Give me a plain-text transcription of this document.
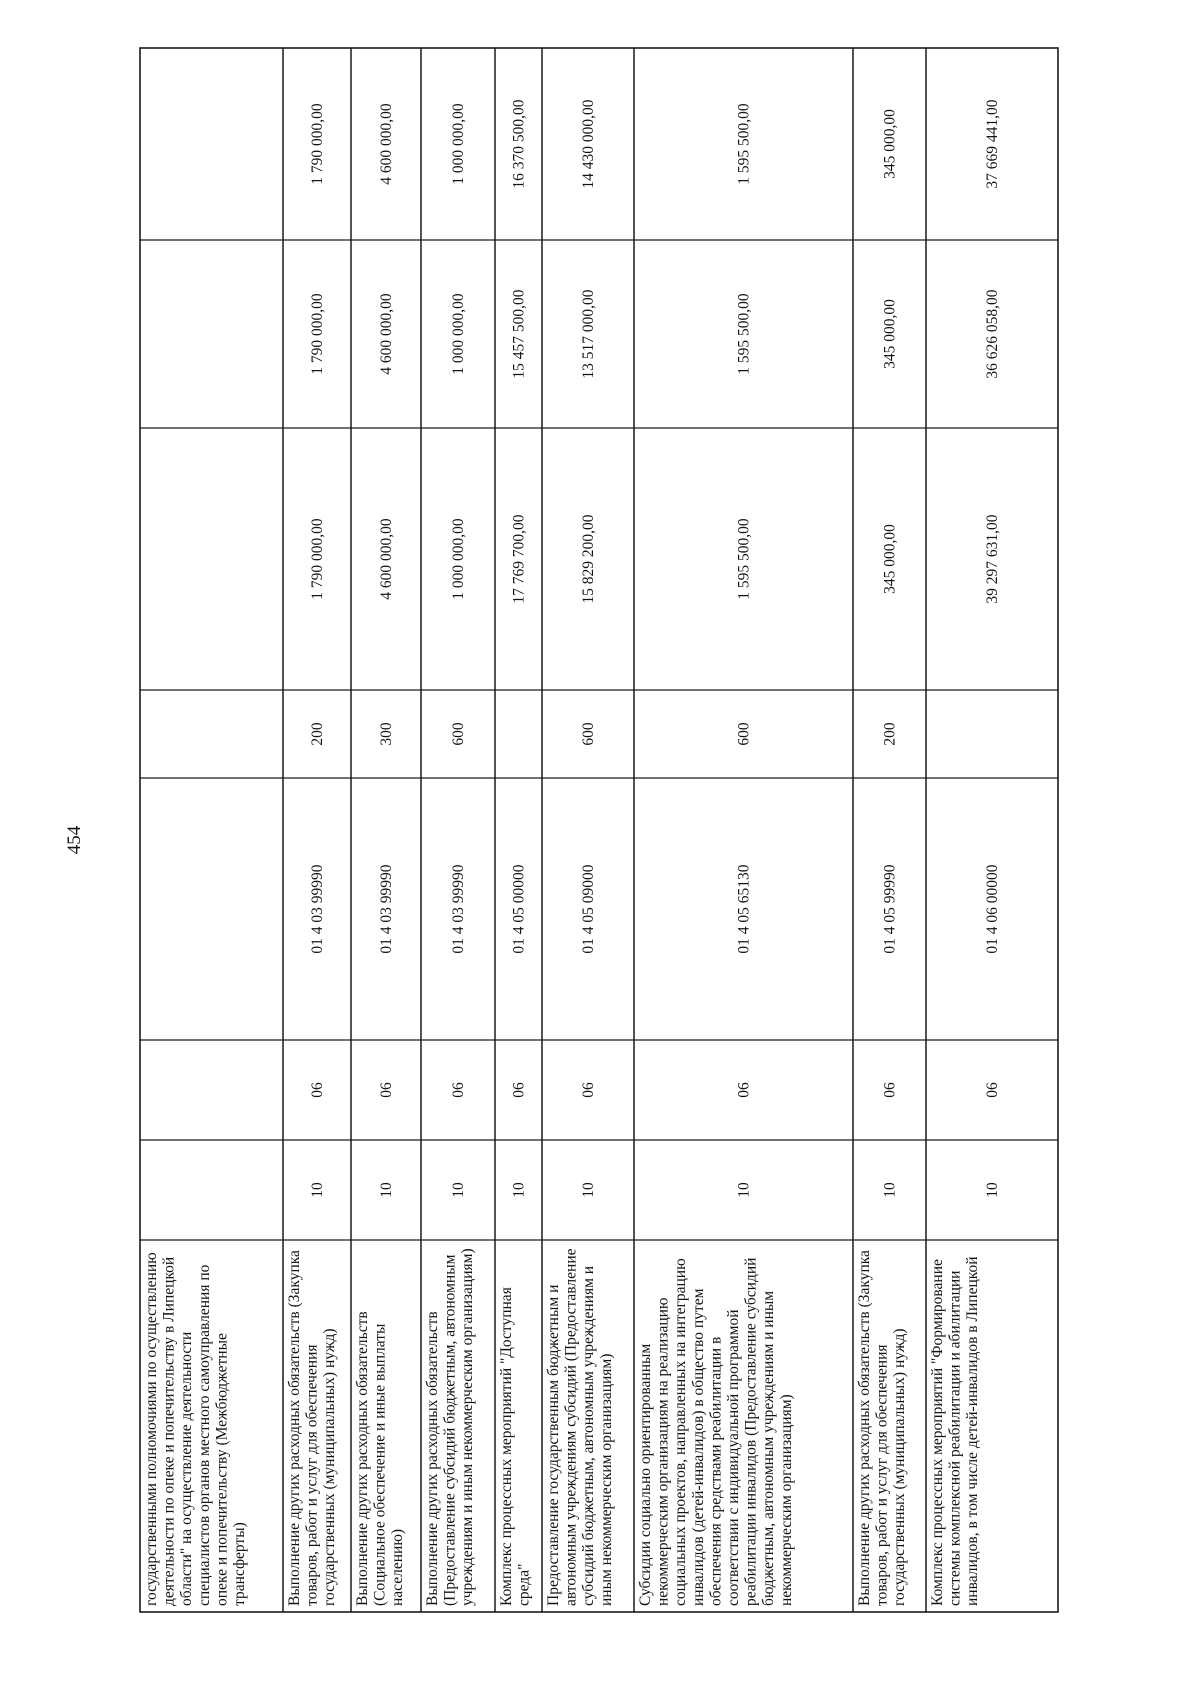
454
государственными полномочиями по осуществлению деятельности по опеке и попечительству в Липецкой области" на осуществление деятельности специалистов органов местного самоуправления по опеке и попечительству (Межбюджетные трансферты) Выполнение других расходных обязательств (Закупка товаров, работ и услуг для обеспечения государственных (муниципальных) нужд)
10
06
01 4 03 99990
200
1 790 000,00
1 790 000,00
1 790 000,00
Выполнение других расходных обязательств (Социальное обеспечение и иные выплаты населению)
10
06
01 4 03 99990
300
4 600 000,00
4 600 000,00
4 600 000,00
Выполнение других расходных обязательств (Предоставление субсидий бюджетным, автономным учреждениям и иным некоммерческим организациям)
10
06
01 4 03 99990
600
1 000 000,00
1 000 000,00
1 000 000,00
Комплекс процессных мероприятий "Доступная среда"
10
06
01 4 05 00000
17 769 700,00
15 457 500,00
16 370 500,00
Предоставление государственным бюджетным и автономным учреждениям субсидий (Предоставление субсидий бюджетным, автономным учреждениям и иным некоммерческим организациям)
10
06
01 4 05 09000
600
15 829 200,00
13 517 000,00
14 430 000,00
Субсидии социально ориентированным некоммерческим организациям на реализацию социальных проектов, направленных на интеграцию инвалидов (детей-инвалидов) в общество путем обеспечения средствами реабилитации в соответствии с индивидуальной программой реабилитации инвалидов (Предоставление субсидий бюджетным, автономным учреждениям и иным некоммерческим организациям)
10
06
01 4 05 65130
600
1 595 500,00
1 595 500,00
1 595 500,00
Выполнение других расходных обязательств (Закупка товаров, работ и услуг для обеспечения государственных (муниципальных) нужд)
10
06
01 4 05 99990
200
345 000,00
345 000,00
345 000,00
Комплекс процессных мероприятий "Формирование системы комплексной реабилитации и абилитации инвалидов, в том числе детей-инвалидов в Липецкой
10
06
01 4 06 00000
39 297 631,00
36 626 058,00
37 669 441,00
